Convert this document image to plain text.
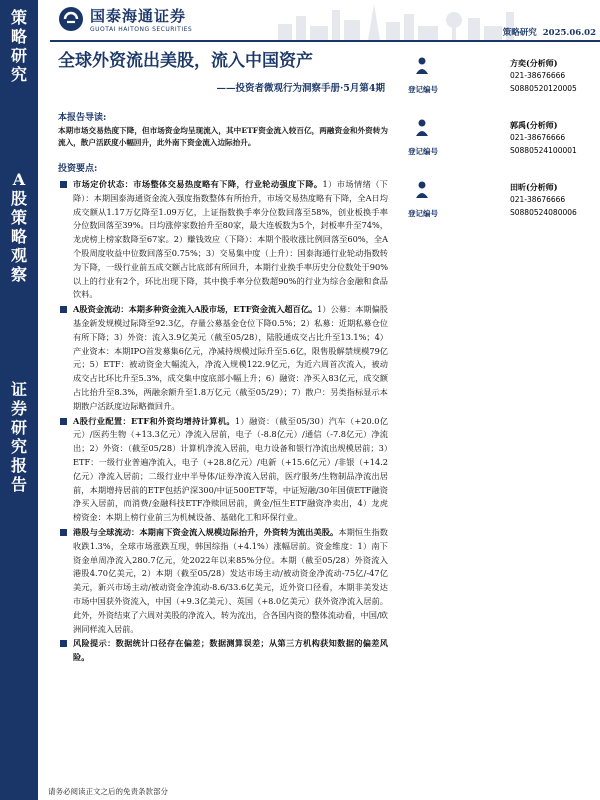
策
略
研
究
A
股
策
略
观
察
证
券
研
究
报
告
国泰海通证券
GUOTAI HAITONG SECURITIES	策略研究 2025.06.02
全球外资流出美股，流入中国资产
——投资者微观行为洞察手册·5月第4期
方奕(分析师)
021-38676666
登记编号	S0880520120005
郭禹(分析师)
021-38676666
登记编号	S0880524100001
田昕(分析师)
021-38676666
登记编号	S0880524080006
本报告导读:
本期市场交易热度下降，但市场资金均呈现流入，其中ETF资金流入较百亿，两融资金和外资转为流入，散户活跃度小幅回升，此外南下资金流入边际抬升。
投资要点:
市场定价状态：市场整体交易热度略有下降，行业轮动强度下降。1）市场情绪（下降）：本期国泰海通资金流入强度指数整体有所抬升，市场交易热度略有下降，全A日均成交额从1.17万亿降至1.09万亿，上证指数换手率分位数回落至58%，创业板换手率分位数回落至39%。日均涨停家数抬升至80家，最大连板数为5个，封板率升至74%，龙虎榜上榜家数降至67家。2）赚钱效应（下降）：本期个股收涨比例回落至60%，全A个股周度收益中位数回落至0.75%；3）交易集中度（上升）：国泰海通行业轮动指数转为下降，一级行业前五成交额占比底部有所回升，本期行业换手率历史分位数处于90%以上的行业有2个，环比出现下降，其中换手率分位数超90%的行业为综合金融和食品饮料。
A股资金流动：本期多种资金流入A股市场，ETF资金流入超百亿。1）公募：本期偏股基金新发规模过际降至92.3亿，存量公募基金仓位下降0.5%；2）私募：近期私募仓位有所下降；3）外资：流入3.9亿美元（截至05/28），陆股通成交占比升至13.1%；4）产业资本：本期IPO首发募集6亿元，净减持规模过际升至5.6亿，限售股解禁规模79亿元；5）ETF：被动资金大幅流入，净流入规模122.9亿元，为近六周首次流入，被动成交占比环比升至5.3%，成交集中度底部小幅上升；6）融资：净买入83亿元，成交额占比抬升至8.3%，两融余额升至1.8万亿元（截至05/29）；7）散户：另类指标显示本期散户活跃度边际略微回升。
A股行业配置：ETF和外资均增持计算机。1）融资：（截至05/30）汽车（+20.0亿元）/医药生物（+13.3亿元）净流入居前，电子（-8.8亿元）/通信（-7.8亿元）净流出；2）外资：（截至05/28）计算机净流入居前，电力设备和银行净流出规模居前；3）ETF：一级行业普遍净流入，电子（+28.8亿元）/电新（+15.6亿元）/非银（+14.2亿元）净流入居前；二级行业中半导体/证券净流入居前，医疗服务/生物制品净流出居前，本期增持居前的ETF包括沪深300/中证500ETF等，中证短融/30年国债ETF融资净买入居前，而消费/金融科技ETF净赎回居前，黄金/恒生ETF融资净卖出，4）龙虎榜资金：本期上榜行业前三为机械设备、基础化工和环保行业。
港股与全球流动：本期南下资金流入规模边际抬升，外资转为流出美股。本期恒生指数收跌1.3%，全球市场涨跌互现，韩国综指（+4.1%）涨幅居前。资金维度：1）南下资金单周净流入280.7亿元，处2022年以来85%分位。本期（截至05/28）外资流入港股4.70亿美元，2）本期（截至05/28）发达市场主动/被动资金净流动-75亿/-47亿美元，新兴市场主动/被动资金净流动-8.6/33.6亿美元，近外资口径看，本期非美发达市场中国获外资流入，中国（+9.3亿美元）、英国（+8.0亿美元）获外资净流入居前。此外，外资结束了六周对美股的净流入，转为流出，合各国内资的整体流动看，中国/欧洲同样流入居前。
风险提示：数据统计口径存在偏差；数据测算误差；从第三方机构获知数据的偏差风险。
请务必阅读正文之后的免责条款部分
